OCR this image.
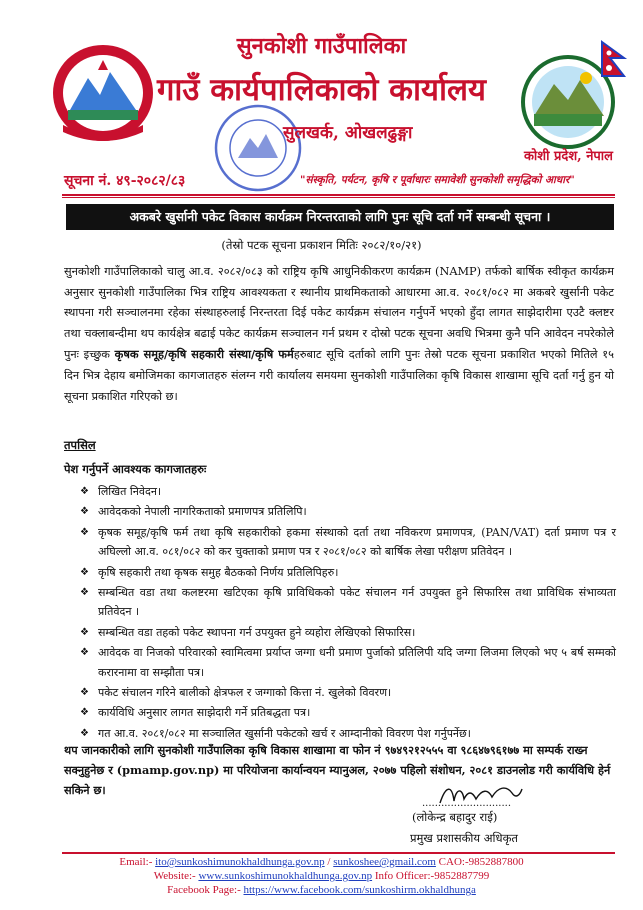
सुनकोशी गाउँपालिका
गाउँ कार्यपालिकाको कार्यालय
सुलखर्क, ओखलढुङ्गा
कोशी प्रदेश, नेपाल
सूचना नं. ४९-२०८२/८३	"संस्कृति, पर्यटन, कृषि र पूर्वाधारः समावेशी सुनकोशी समृद्धिको आधार"
अकबरे खुर्सानी पकेट विकास कार्यक्रम निरन्तरताको लागि पुनः सूचि दर्ता गर्ने सम्बन्धी सूचना ।
(तेस्रो पटक सूचना प्रकाशन मितिः २०८२/१०/२१)
सुनकोशी गाउँपालिकाको चालु आ.व. २०८२/०८३ को राष्ट्रिय कृषि आधुनिकीकरण कार्यक्रम (NAMP) तर्फको बार्षिक स्वीकृत कार्यक्रम अनुसार सुनकोशी गाउँपालिका भित्र राष्ट्रिय आवश्यकता र स्थानीय प्राथमिकताको आधारमा आ.व. २०८१/०८२ मा अकबरे खुर्सानी पकेट स्थापना गरी सञ्चालनमा रहेका संस्थाहरुलाई निरन्तरता दिई पकेट कार्यक्रम संचालन गर्नुपर्ने भएको हुँदा लागत साझेदारीमा एउटै क्लष्टर तथा चक्लाबन्दीमा थप कार्यक्षेत्र बढाई पकेट कार्यक्रम सञ्चालन गर्न प्रथम र दोस्रो पटक सूचना अवधि भित्रमा कुनै पनि आवेदन नपरेकोले पुनः इच्छुक कृषक समूह/कृषि सहकारी संस्था/कृषि फर्महरुबाट सूचि दर्ताको लागि पुनः तेस्रो पटक सूचना प्रकाशित भएको मितिले १५ दिन भित्र देहाय बमोजिमका कागजातहरु संलग्न गरी कार्यालय समयमा सुनकोशी गाउँपालिका कृषि विकास शाखामा सूचि दर्ता गर्नु हुन यो सूचना प्रकाशित गरिएको छ।
तपसिल
पेश गर्नुपर्ने आवश्यक कागजातहरुः
❖ लिखित निवेदन।
❖ आवेदकको नेपाली नागरिकताको प्रमाणपत्र प्रतिलिपि।
❖ कृषक समूह/कृषि फर्म तथा कृषि सहकारीको हकमा संस्थाको दर्ता तथा नविकरण प्रमाणपत्र, (PAN/VAT) दर्ता प्रमाण पत्र र अघिल्लो आ.व. ०८१/०८२ को कर चुक्ताको प्रमाण पत्र र २०८१/०८२ को बार्षिक लेखा परीक्षण प्रतिवेदन ।
❖ कृषि सहकारी तथा कृषक समुह बैठकको निर्णय प्रतिलिपिहरु।
❖ सम्बन्धित वडा तथा कलष्टरमा खटिएका कृषि प्राविधिकको पकेट संचालन गर्न उपयुक्त हुने सिफारिस तथा प्राविधिक संभाव्यता प्रतिवेदन ।
❖ सम्बन्धित वडा तहको पकेट स्थापना गर्न उपयुक्त हुने व्यहोरा लेखिएको सिफारिस।
❖ आवेदक वा निजको परिवारको स्वामित्वमा प्रर्याप्त जग्गा धनी प्रमाण पुर्जाको प्रतिलिपी यदि जग्गा लिजमा लिएको भए ५ बर्ष सम्मको करारनामा वा सम्झौता पत्र।
❖ पकेट संचालन गरिने बालीको क्षेत्रफल र जग्गाको कित्ता नं. खुलेको विवरण।
❖ कार्यविधि अनुसार लागत साझेदारी गर्ने प्रतिबद्धता पत्र।
❖ गत आ.व. २०८१/०८२ मा सञ्चालित खुर्सानी पकेटको खर्च र आम्दानीको विवरण पेश गर्नुपर्नेछ।
थप जानकारीको लागि सुनकोशी गाउँपालिका कृषि विकास शाखामा वा फोन नं ९७४९२१२५५५ वा ९८६४७९६१७७ मा सम्पर्क राख्न सक्नुहुनेछ र (pmamp.gov.np) मा परियोजना कार्यान्वयन म्यानुअल, २०७७ पहिलो संशोधन, २०८१ डाउनलोड गरी कार्यविधि हेर्न सकिने छ।
............................
(लोकेन्द्र बहादुर राई)
प्रमुख प्रशासकीय अधिकृत
Email:- ito@sunkoshimunokhaldhunga.gov.np / sunkoshee@gmail.com CAO:-9852887800
Website:- www.sunkoshimunokhaldhunga.gov.np Info Officer:-9852887799
Facebook Page:- https://www.facebook.com/sunkoshirm.okhaldhunga
